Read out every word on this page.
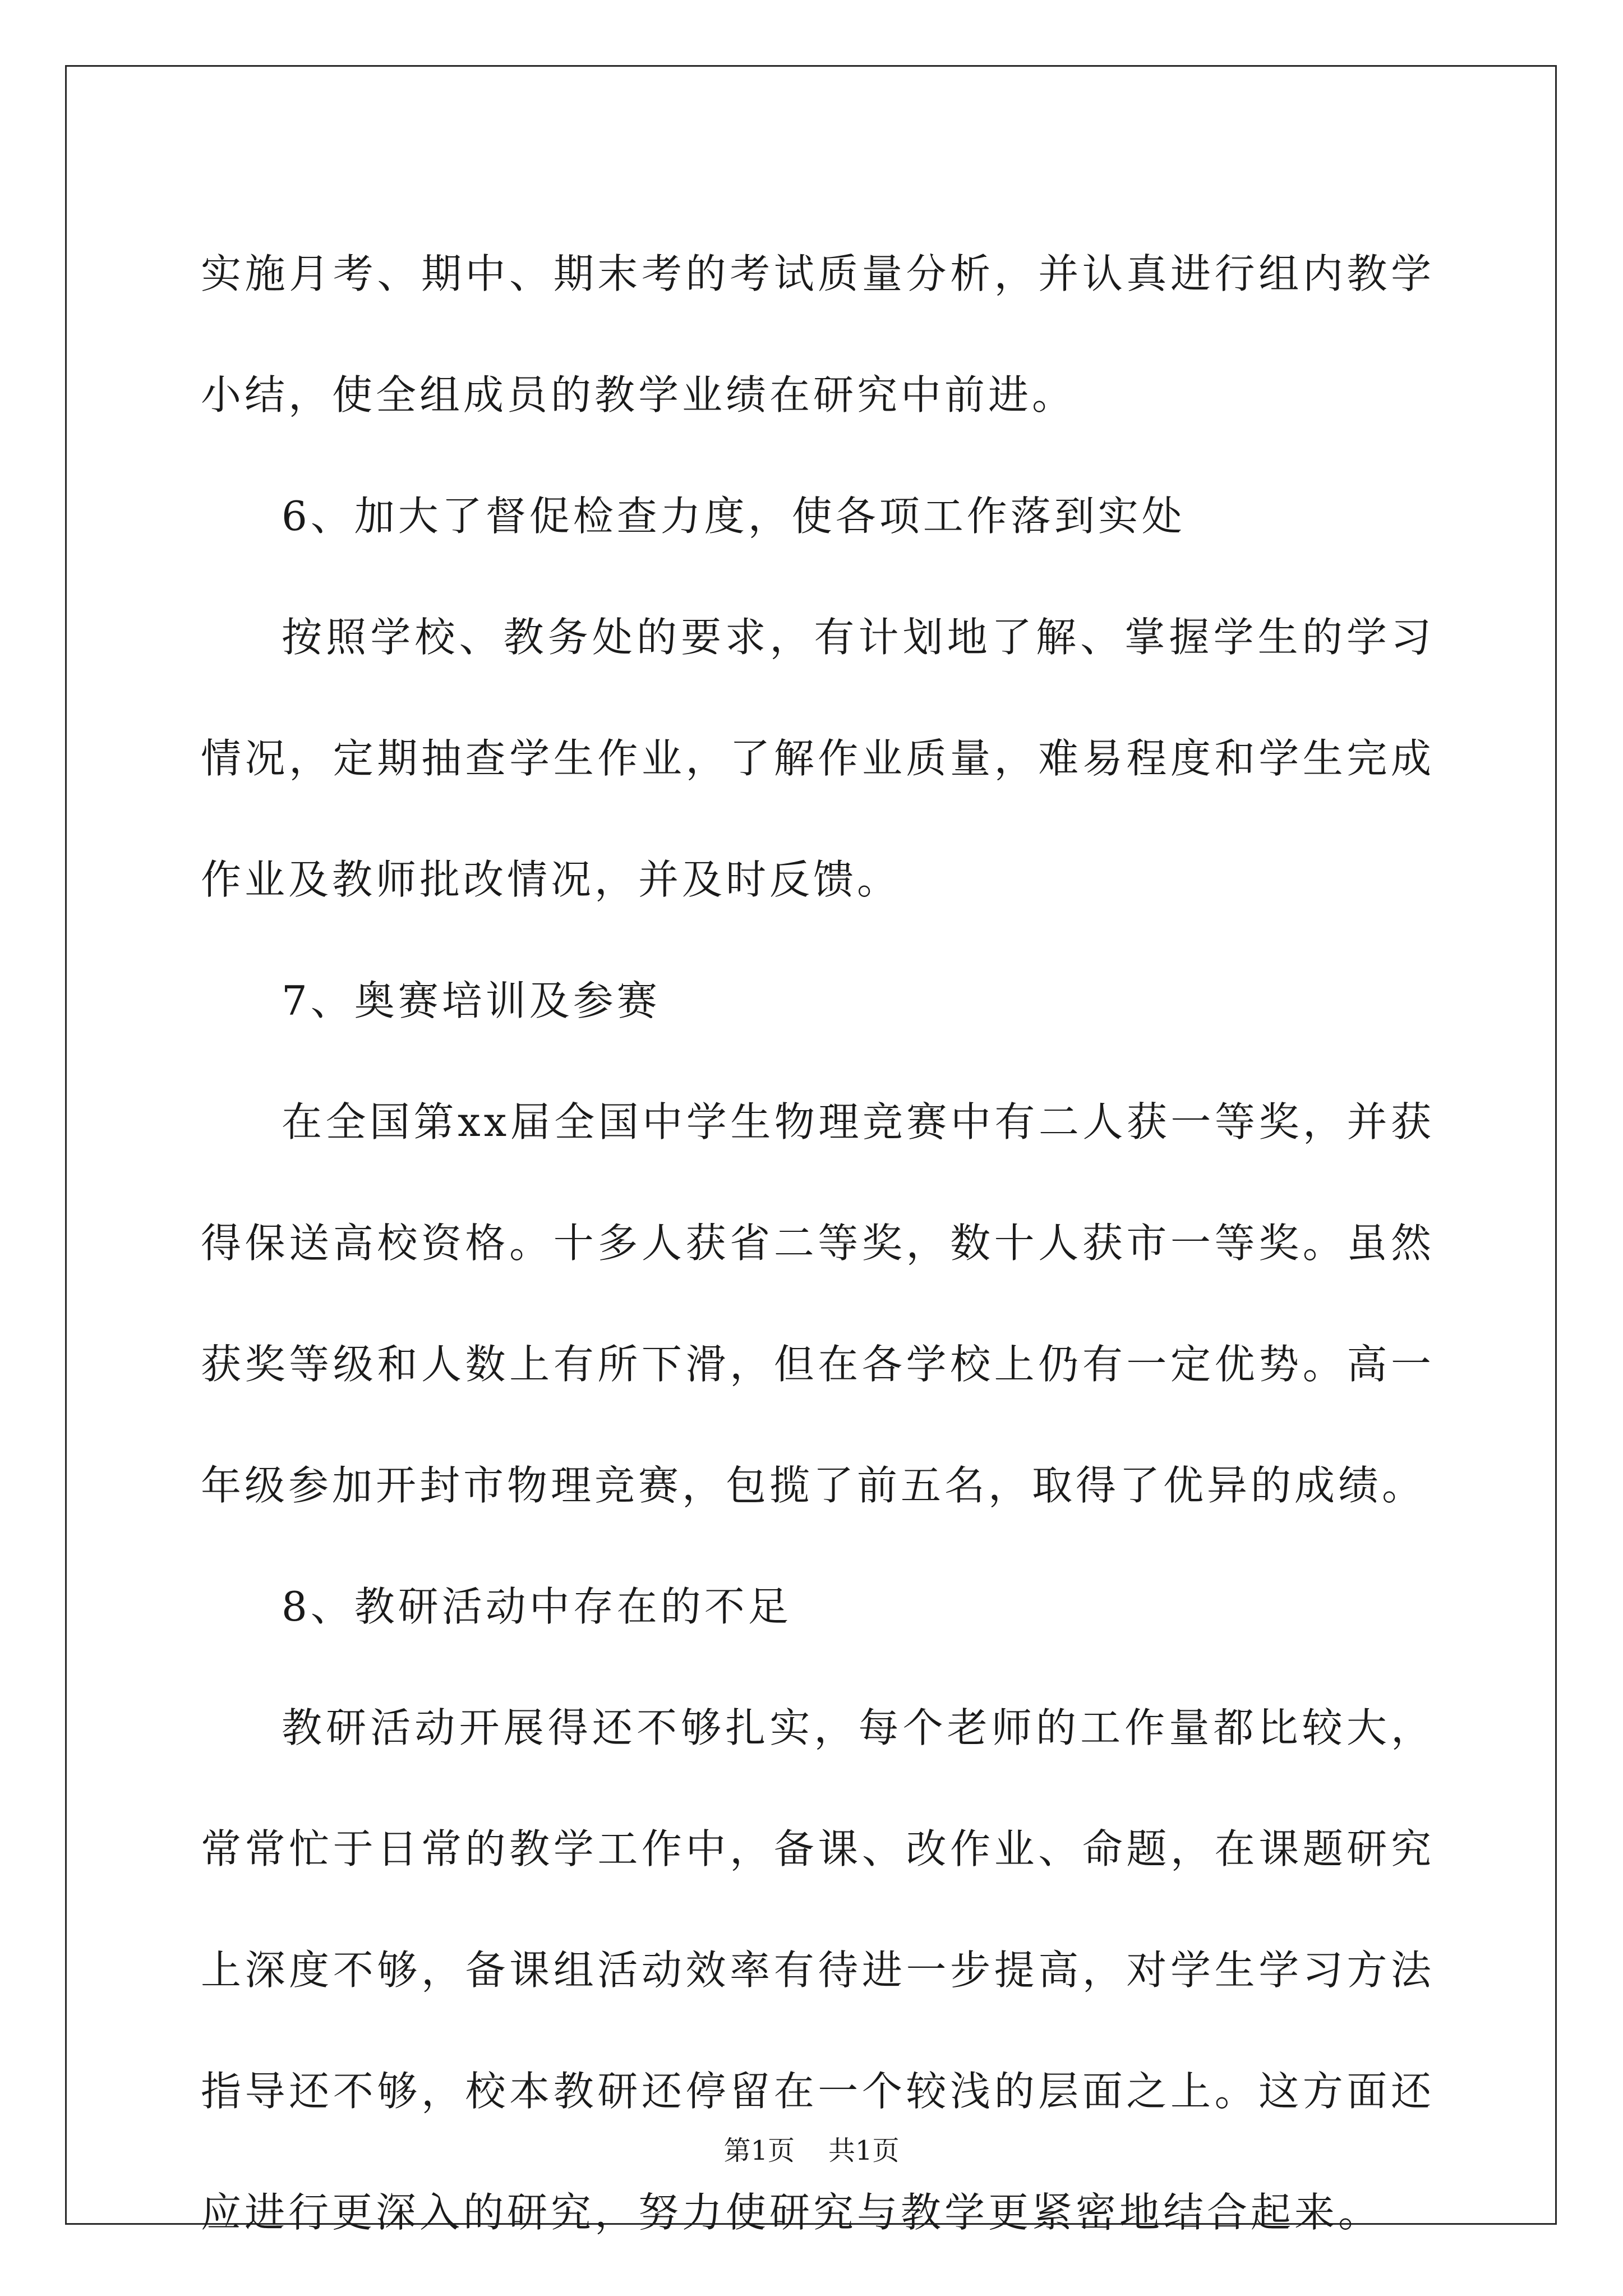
实施月考、期中、期末考的考试质量分析，并认真进行组内教学小结，使全组成员的教学业绩在研究中前进。

6、加大了督促检查力度，使各项工作落到实处

按照学校、教务处的要求，有计划地了解、掌握学生的学习情况，定期抽查学生作业，了解作业质量，难易程度和学生完成作业及教师批改情况，并及时反馈。

7、奥赛培训及参赛

在全国第xx届全国中学生物理竞赛中有二人获一等奖，并获得保送高校资格。十多人获省二等奖，数十人获市一等奖。虽然获奖等级和人数上有所下滑，但在各学校上仍有一定优势。高一年级参加开封市物理竞赛，包揽了前五名，取得了优异的成绩。

8、教研活动中存在的不足

教研活动开展得还不够扎实，每个老师的工作量都比较大，常常忙于日常的教学工作中，备课、改作业、命题，在课题研究上深度不够，备课组活动效率有待进一步提高，对学生学习方法指导还不够，校本教研还停留在一个较浅的层面之上。这方面还应进行更深入的研究，努力使研究与教学更紧密地结合起来。

第1页 共1页
